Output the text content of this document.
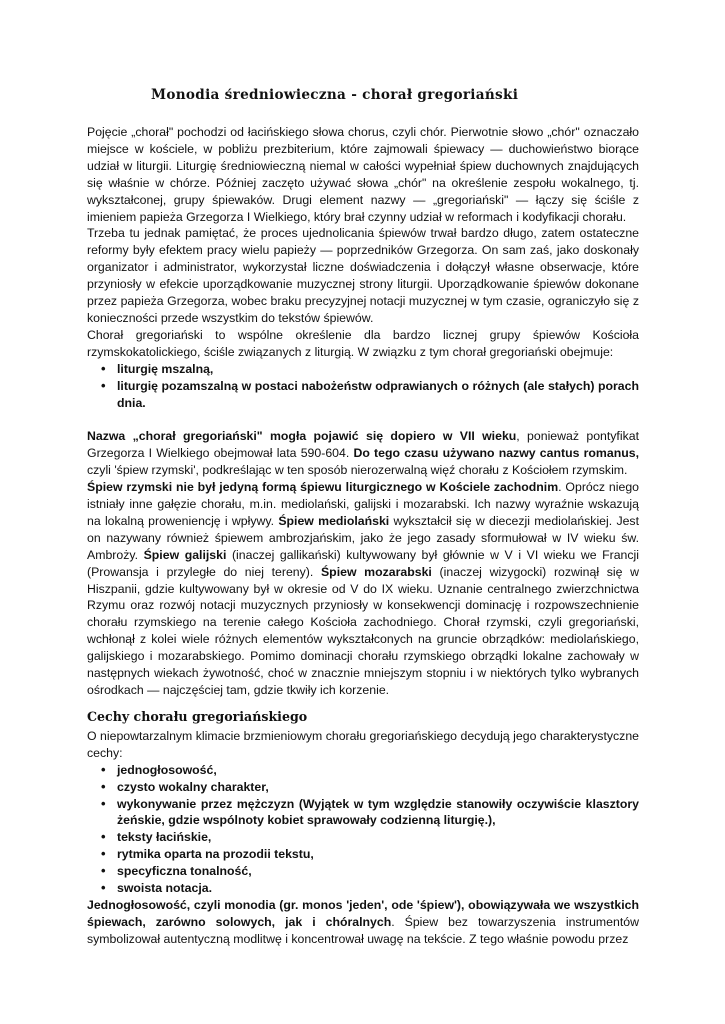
Monodia średniowieczna - chorał gregoriański

Pojęcie „chorał" pochodzi od łacińskiego słowa chorus, czyli chór. Pierwotnie słowo „chór" oznaczało miejsce w kościele, w pobliżu prezbiterium, które zajmowali śpiewacy — duchowieństwo biorące udział w liturgii. Liturgię średniowieczną niemal w całości wypełniał śpiew duchownych znajdujących się właśnie w chórze. Później zaczęto używać słowa „chór" na określenie zespołu wokalnego, tj. wykształconej, grupy śpiewaków. Drugi element nazwy — „gregoriański" — łączy się ściśle z imieniem papieża Grzegorza I Wielkiego, który brał czynny udział w reformach i kodyfikacji chorału.

Trzeba tu jednak pamiętać, że proces ujednolicania śpiewów trwał bardzo długo, zatem ostateczne reformy były efektem pracy wielu papieży — poprzedników Grzegorza. On sam zaś, jako doskonały organizator i administrator, wykorzystał liczne doświadczenia i dołączył własne obserwacje, które przyniosły w efekcie uporządkowanie muzycznej strony liturgii. Uporządkowanie śpiewów dokonane przez papieża Grzegorza, wobec braku precyzyjnej notacji muzycznej w tym czasie, ograniczyło się z konieczności przede wszystkim do tekstów śpiewów.

Chorał gregoriański to wspólne określenie dla bardzo licznej grupy śpiewów Kościoła rzymskokatolickiego, ściśle związanych z liturgią. W związku z tym chorał gregoriański obejmuje:

• liturgię mszalną,
• liturgię pozamszalną w postaci nabożeństw odprawianych o różnych (ale stałych) porach dnia.

Nazwa „chorał gregoriański" mogła pojawić się dopiero w VII wieku, ponieważ pontyfikat Grzegorza I Wielkiego obejmował lata 590-604. Do tego czasu używano nazwy cantus romanus, czyli 'śpiew rzymski', podkreślając w ten sposób nierozerwalną więź chorału z Kościołem rzymskim.

Śpiew rzymski nie był jedyną formą śpiewu liturgicznego w Kościele zachodnim. Oprócz niego istniały inne gałęzie chorału, m.in. mediolański, galijski i mozarabski. Ich nazwy wyraźnie wskazują na lokalną proweniencję i wpływy. Śpiew mediolański wykształcił się w diecezji mediolańskiej. Jest on nazywany również śpiewem ambrozjańskim, jako że jego zasady sformułował w IV wieku św. Ambroży. Śpiew galijski (inaczej gallikański) kultywowany był głównie w V i VI wieku we Francji (Prowansja i przyległe do niej tereny). Śpiew mozarabski (inaczej wizygocki) rozwinął się w Hiszpanii, gdzie kultywowany był w okresie od V do IX wieku. Uznanie centralnego zwierzchnictwa Rzymu oraz rozwój notacji muzycznych przyniosły w konsekwencji dominację i rozpowszechnienie chorału rzymskiego na terenie całego Kościoła zachodniego. Chorał rzymski, czyli gregoriański, wchłonął z kolei wiele różnych elementów wykształconych na gruncie obrządków: mediolańskiego, galijskiego i mozarabskiego. Pomimo dominacji chorału rzymskiego obrządki lokalne zachowały w następnych wiekach żywotność, choć w znacznie mniejszym stopniu i w niektórych tylko wybranych ośrodkach — najczęściej tam, gdzie tkwiły ich korzenie.

Cechy chorału gregoriańskiego

O niepowtarzalnym klimacie brzmieniowym chorału gregoriańskiego decydują jego charakterystyczne cechy:

• jednogłosowość,
• czysto wokalny charakter,
• wykonywanie przez mężczyzn (Wyjątek w tym względzie stanowiły oczywiście klasztory żeńskie, gdzie wspólnoty kobiet sprawowały codzienną liturgię.),
• teksty łacińskie,
• rytmika oparta na prozodii tekstu,
• specyficzna tonalność,
• swoista notacja.

Jednogłosowość, czyli monodia (gr. monos 'jeden', ode 'śpiew'), obowiązywała we wszystkich śpiewach, zarówno solowych, jak i chóralnych. Śpiew bez towarzyszenia instrumentów symbolizował autentyczną modlitwę i koncentrował uwagę na tekście. Z tego właśnie powodu przez
